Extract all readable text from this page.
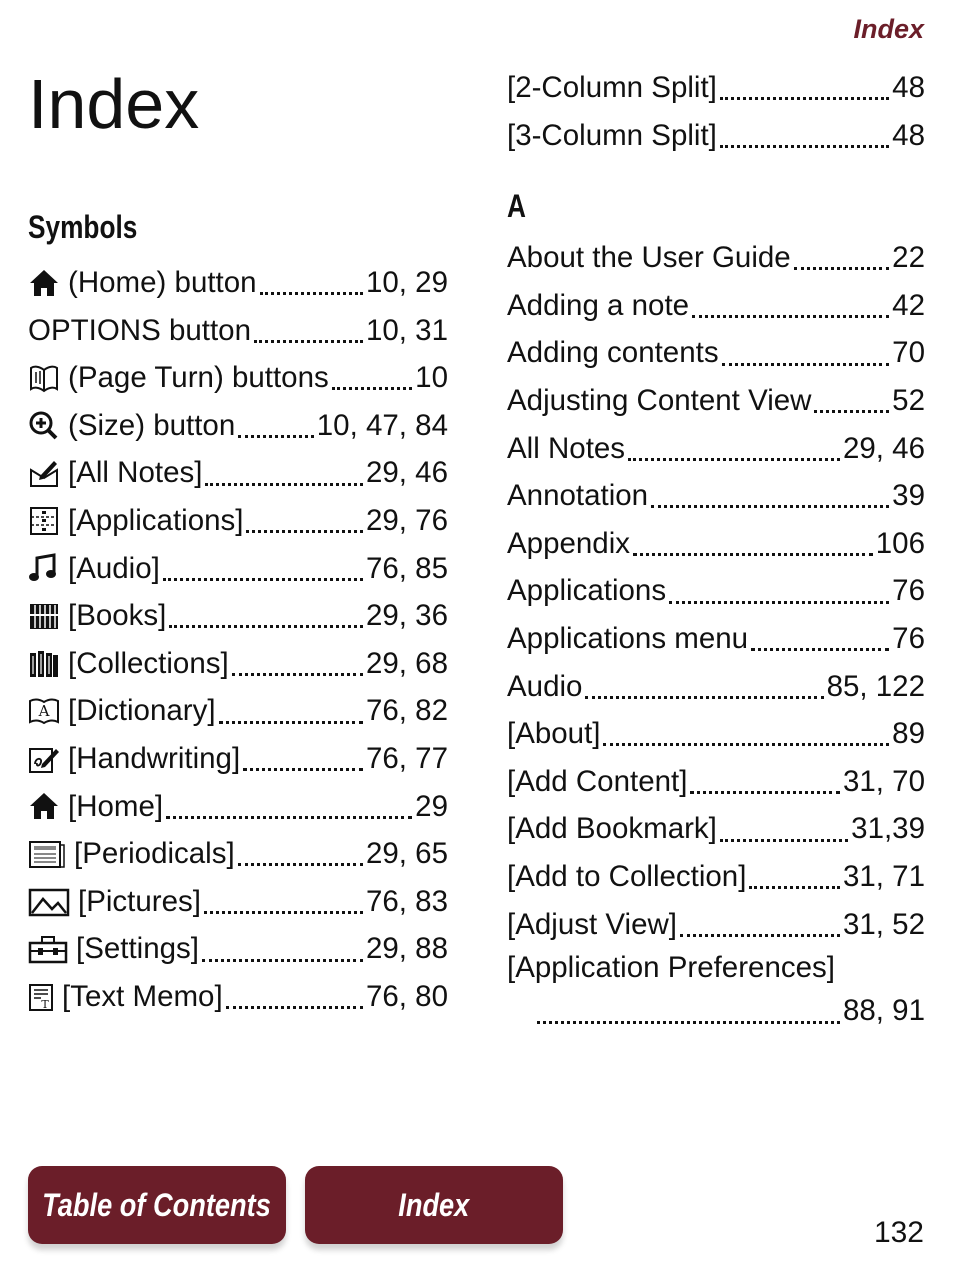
Index
Index
Symbols
(Home) button	10, 29
OPTIONS button	10, 31
(Page Turn) buttons	10
(Size) button	10, 47, 84
[All Notes]	29, 46
[Applications]	29, 76
[Audio]	76, 85
[Books]	29, 36
[Collections]	29, 68
A [Dictionary]	76, 82
[Handwriting]	76, 77
[Home]	29
[Periodicals]	29, 65
[Pictures]	76, 83
[Settings]	29, 88
T [Text Memo]	76, 80
[2-Column Split]	48
[3-Column Split]	48
A
About the User Guide	22
Adding a note	42
Adding contents	70
Adjusting Content View	52
All Notes	29, 46
Annotation	39
Appendix	106
Applications	76
Applications menu	76
Audio	85, 122
[About]	89
[Add Content]	31, 70
[Add Bookmark]	31,39
[Add to Collection]	31, 71
[Adjust View]	31, 52
[Application Preferences]
88, 91
Table of Contents	Index
132
